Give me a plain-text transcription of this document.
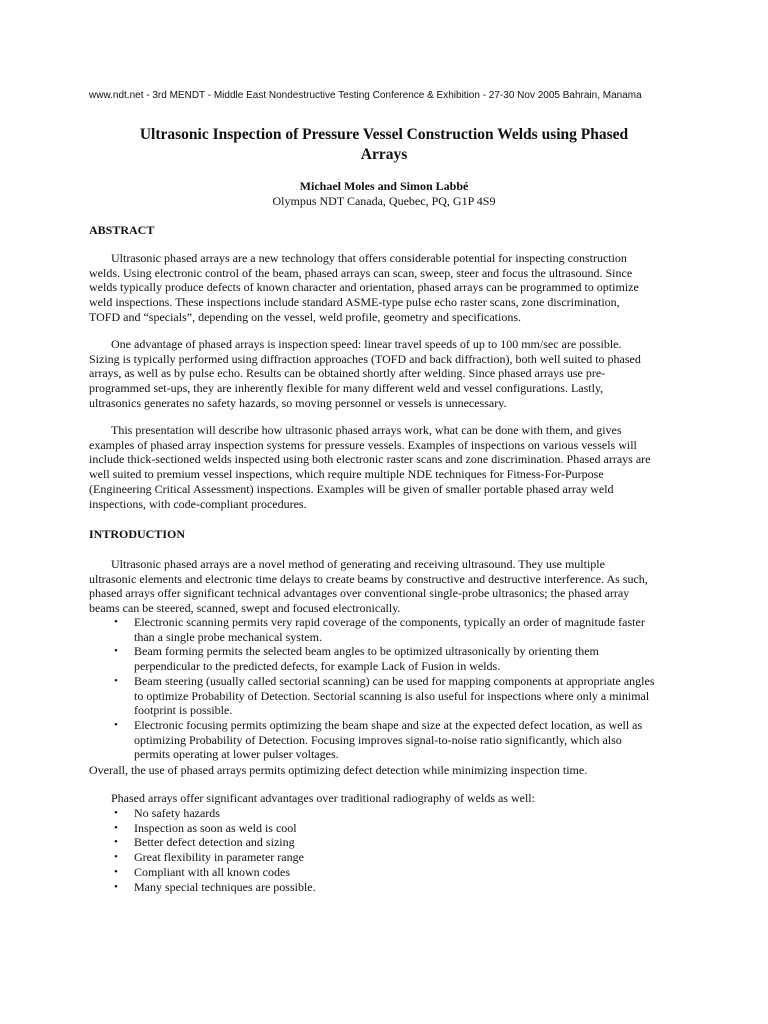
www.ndt.net - 3rd MENDT - Middle East Nondestructive Testing Conference & Exhibition - 27-30 Nov 2005 Bahrain, Manama
Ultrasonic Inspection of Pressure Vessel Construction Welds using Phased
Arrays
Michael Moles and Simon Labbé
Olympus NDT Canada, Quebec, PQ, G1P 4S9
ABSTRACT
Ultrasonic phased arrays are a new technology that offers considerable potential for inspecting construction
welds. Using electronic control of the beam, phased arrays can scan, sweep, steer and focus the ultrasound. Since
welds typically produce defects of known character and orientation, phased arrays can be programmed to optimize
weld inspections. These inspections include standard ASME-type pulse echo raster scans, zone discrimination,
TOFD and “specials”, depending on the vessel, weld profile, geometry and specifications.
One advantage of phased arrays is inspection speed: linear travel speeds of up to 100 mm/sec are possible.
Sizing is typically performed using diffraction approaches (TOFD and back diffraction), both well suited to phased
arrays, as well as by pulse echo. Results can be obtained shortly after welding. Since phased arrays use pre-
programmed set-ups, they are inherently flexible for many different weld and vessel configurations. Lastly,
ultrasonics generates no safety hazards, so moving personnel or vessels is unnecessary.
This presentation will describe how ultrasonic phased arrays work, what can be done with them, and gives
examples of phased array inspection systems for pressure vessels. Examples of inspections on various vessels will
include thick-sectioned welds inspected using both electronic raster scans and zone discrimination. Phased arrays are
well suited to premium vessel inspections, which require multiple NDE techniques for Fitness-For-Purpose
(Engineering Critical Assessment) inspections. Examples will be given of smaller portable phased array weld
inspections, with code-compliant procedures.
INTRODUCTION
Ultrasonic phased arrays are a novel method of generating and receiving ultrasound. They use multiple
ultrasonic elements and electronic time delays to create beams by constructive and destructive interference. As such,
phased arrays offer significant technical advantages over conventional single-probe ultrasonics; the phased array
beams can be steered, scanned, swept and focused electronically.
• Electronic scanning permits very rapid coverage of the components, typically an order of magnitude faster
than a single probe mechanical system.
• Beam forming permits the selected beam angles to be optimized ultrasonically by orienting them
perpendicular to the predicted defects, for example Lack of Fusion in welds.
• Beam steering (usually called sectorial scanning) can be used for mapping components at appropriate angles
to optimize Probability of Detection. Sectorial scanning is also useful for inspections where only a minimal
footprint is possible.
• Electronic focusing permits optimizing the beam shape and size at the expected defect location, as well as
optimizing Probability of Detection. Focusing improves signal-to-noise ratio significantly, which also
permits operating at lower pulser voltages.
Overall, the use of phased arrays permits optimizing defect detection while minimizing inspection time.
Phased arrays offer significant advantages over traditional radiography of welds as well:
• No safety hazards
• Inspection as soon as weld is cool
• Better defect detection and sizing
• Great flexibility in parameter range
• Compliant with all known codes
• Many special techniques are possible.
